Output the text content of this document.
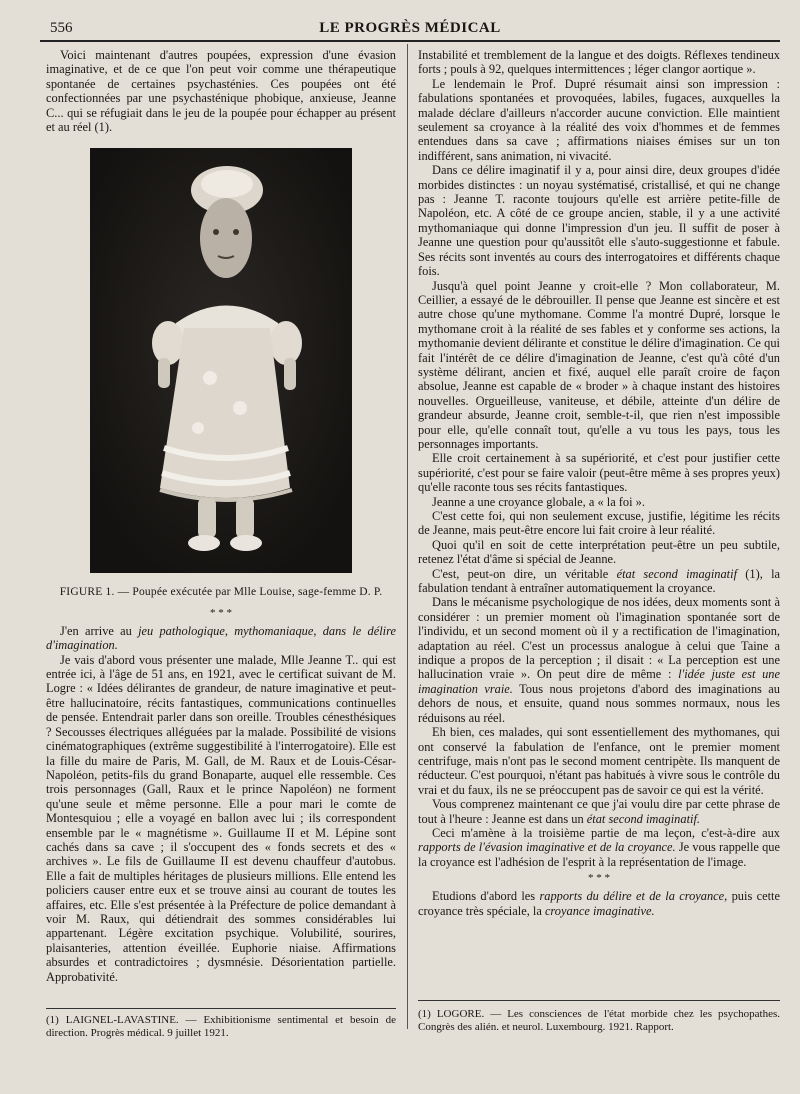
556	LE PROGRÈS MÉDICAL

Voici maintenant d'autres poupées, expression d'une évasion imaginative, et de ce que l'on peut voir comme une thérapeutique spontanée de certaines psychasténies. Ces poupées ont été confectionnées par une psychasténique phobique, anxieuse, Jeanne C... qui se réfugiait dans le jeu de la poupée pour échapper au présent et au réel (1).

FIGURE 1. — Poupée exécutée par Mlle Louise, sage-femme D. P.

* * *

J'en arrive au jeu pathologique, mythomaniaque, dans le délire d'imagination.

Je vais d'abord vous présenter une malade, Mlle Jeanne T.. qui est entrée ici, à l'âge de 51 ans, en 1921, avec le certificat suivant de M. Logre : « Idées délirantes de grandeur, de nature imaginative et peut-être hallucinatoire, récits fantastiques, communications continuelles de pensée. Entendrait parler dans son oreille. Troubles cénesthésiques ? Secousses électriques alléguées par la malade. Possibilité de visions cinématographiques (extrême suggestibilité à l'interrogatoire). Elle est la fille du maire de Paris, M. Gall, de M. Raux et de Louis-César-Napoléon, petits-fils du grand Bonaparte, auquel elle ressemble. Ces trois personnages (Gall, Raux et le prince Napoléon) ne forment qu'une seule et même personne. Elle a pour mari le comte de Montesquiou ; elle a voyagé en ballon avec lui ; ils correspondent ensemble par le « magnétisme ». Guillaume II et M. Lépine sont cachés dans sa cave ; il s'occupent des « fonds secrets et des « archives ». Le fils de Guillaume II est devenu chauffeur d'autobus. Elle a fait de multiples héritages de plusieurs millions. Elle entend les policiers causer entre eux et se trouve ainsi au courant de toutes les affaires, etc. Elle s'est présentée à la Préfecture de police demandant à voir M. Raux, qui détiendrait des sommes considérables lui appartenant. Légère excitation psychique. Volubilité, sourires, plaisanteries, attention éveillée. Euphorie niaise. Affirmations absurdes et contradictoires ; dysmnésie. Désorientation partielle. Approbativité.

Instabilité et tremblement de la langue et des doigts. Réflexes tendineux forts ; pouls à 92, quelques intermittences ; léger clangor aortique ».

Le lendemain le Prof. Dupré résumait ainsi son impression : fabulations spontanées et provoquées, labiles, fugaces, auxquelles la malade déclare d'ailleurs n'accorder aucune conviction. Elle maintient seulement sa croyance à la réalité des voix d'hommes et de femmes entendues dans sa cave ; affirmations niaises émises sur un ton indifférent, sans animation, ni vivacité.

Dans ce délire imaginatif il y a, pour ainsi dire, deux groupes d'idée morbides distinctes : un noyau systématisé, cristallisé, et qui ne change pas : Jeanne T. raconte toujours qu'elle est arrière petite-fille de Napoléon, etc. A côté de ce groupe ancien, stable, il y a une activité mythomaniaque qui donne l'impression d'un jeu. Il suffit de poser à Jeanne une question pour qu'aussitôt elle s'auto-suggestionne et fabule. Ses récits sont inventés au cours des interrogatoires et différents chaque fois.

Jusqu'à quel point Jeanne y croit-elle ? Mon collaborateur, M. Ceillier, a essayé de le débrouiller. Il pense que Jeanne est sincère et est autre chose qu'une mythomane. Comme l'a montré Dupré, lorsque le mythomane croit à la réalité de ses fables et y conforme ses actions, la mythomanie devient délirante et constitue le délire d'imagination. Ce qui fait l'intérêt de ce délire d'imagination de Jeanne, c'est qu'à côté d'un système délirant, ancien et fixé, auquel elle paraît croire de façon absolue, Jeanne est capable de « broder » à chaque instant des histoires nouvelles. Orgueilleuse, vaniteuse, et débile, atteinte d'un délire de grandeur absurde, Jeanne croit, semble-t-il, que rien n'est impossible pour elle, qu'elle connaît tout, qu'elle a vu tous les pays, tous les personnages importants.

Elle croit certainement à sa supériorité, et c'est pour justifier cette supériorité, c'est pour se faire valoir (peut-être même à ses propres yeux) qu'elle raconte tous ses récits fantastiques.

Jeanne a une croyance globale, a « la foi ».

C'est cette foi, qui non seulement excuse, justifie, légitime les récits de Jeanne, mais peut-être encore lui fait croire à leur réalité.

Quoi qu'il en soit de cette interprétation peut-être un peu subtile, retenez l'état d'âme si spécial de Jeanne.

C'est, peut-on dire, un véritable état second imaginatif (1), la fabulation tendant à entraîner automatiquement la croyance.

Dans le mécanisme psychologique de nos idées, deux moments sont à considérer : un premier moment où l'imagination spontanée sort de l'individu, et un second moment où il y a rectification de l'imagination, adaptation au réel. C'est un processus analogue à celui que Taine a indique a propos de la perception ; il disait : « La perception est une hallucination vraie ». On peut dire de même : l'idée juste est une imagination vraie. Tous nous projetons d'abord des imaginations au dehors de nous, et ensuite, quand nous sommes normaux, nous les réduisons au réel.

Eh bien, ces malades, qui sont essentiellement des mythomanes, qui ont conservé la fabulation de l'enfance, ont le premier moment centrifuge, mais n'ont pas le second moment centripète. Ils manquent de réducteur. C'est pourquoi, n'étant pas habitués à vivre sous le contrôle du vrai et du faux, ils ne se préoccupent pas de savoir ce qui est la vérité.

Vous comprenez maintenant ce que j'ai voulu dire par cette phrase de tout à l'heure : Jeanne est dans un état second imaginatif.

Ceci m'amène à la troisième partie de ma leçon, c'est-à-dire aux rapports de l'évasion imaginative et de la croyance. Je vous rappelle que la croyance est l'adhésion de l'esprit à la représentation de l'image.

* * *

Etudions d'abord les rapports du délire et de la croyance, puis cette croyance très spéciale, la croyance imaginative.

(1) LAIGNEL-LAVASTINE. — Exhibitionisme sentimental et besoin de direction. Progrès médical. 9 juillet 1921.
(1) LOGORE. — Les consciences de l'état morbide chez les psychopathes. Congrès des alién. et neurol. Luxembourg. 1921. Rapport.
